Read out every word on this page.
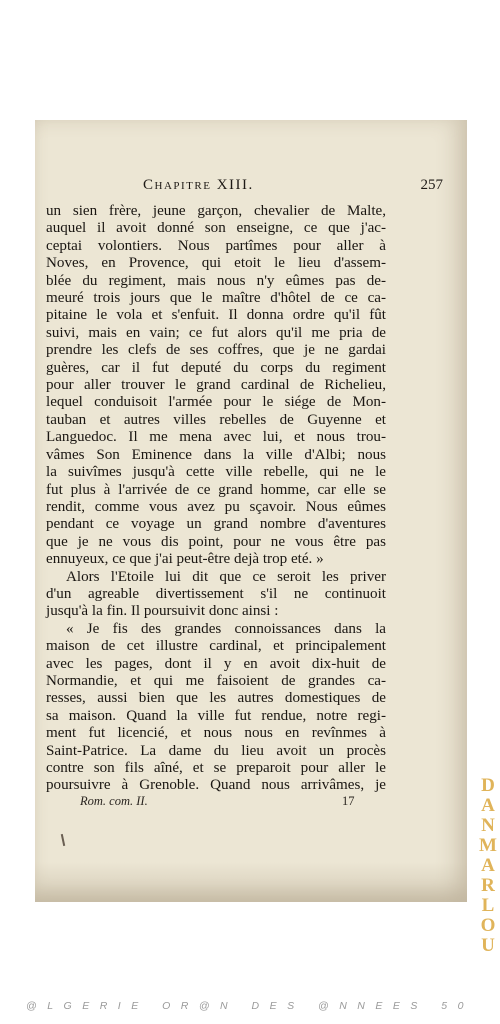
Chapitre XIII.	257
un sien frère, jeune garçon, chevalier de Malte,
auquel il avoit donné son enseigne, ce que j'ac-
ceptai volontiers. Nous partîmes pour aller à
Noves, en Provence, qui etoit le lieu d'assem-
blée du regiment, mais nous n'y eûmes pas de-
meuré trois jours que le maître d'hôtel de ce ca-
pitaine le vola et s'enfuit. Il donna ordre qu'il fût
suivi, mais en vain; ce fut alors qu'il me pria de
prendre les clefs de ses coffres, que je ne gardai
guères, car il fut deputé du corps du regiment
pour aller trouver le grand cardinal de Richelieu,
lequel conduisoit l'armée pour le siége de Mon-
tauban et autres villes rebelles de Guyenne et
Languedoc. Il me mena avec lui, et nous trou-
vâmes Son Eminence dans la ville d'Albi; nous
la suivîmes jusqu'à cette ville rebelle, qui ne le
fut plus à l'arrivée de ce grand homme, car elle se
rendit, comme vous avez pu sçavoir. Nous eûmes
pendant ce voyage un grand nombre d'aventures
que je ne vous dis point, pour ne vous être pas
ennuyeux, ce que j'ai peut-être dejà trop eté. »
Alors l'Etoile lui dit que ce seroit les priver
d'un agreable divertissement s'il ne continuoit
jusqu'à la fin. Il poursuivit donc ainsi :
« Je fis des grandes connoissances dans la
maison de cet illustre cardinal, et principalement
avec les pages, dont il y en avoit dix-huit de
Normandie, et qui me faisoient de grandes ca-
resses, aussi bien que les autres domestiques de
sa maison. Quand la ville fut rendue, notre regi-
ment fut licencié, et nous nous en revînmes à
Saint-Patrice. La dame du lieu avoit un procès
contre son fils aîné, et se preparoit pour aller le
poursuivre à Grenoble. Quand nous arrivâmes, je
Rom. com. II.	17
DANMARLOU
@LGERIE OR@N DES @NNEES 50
